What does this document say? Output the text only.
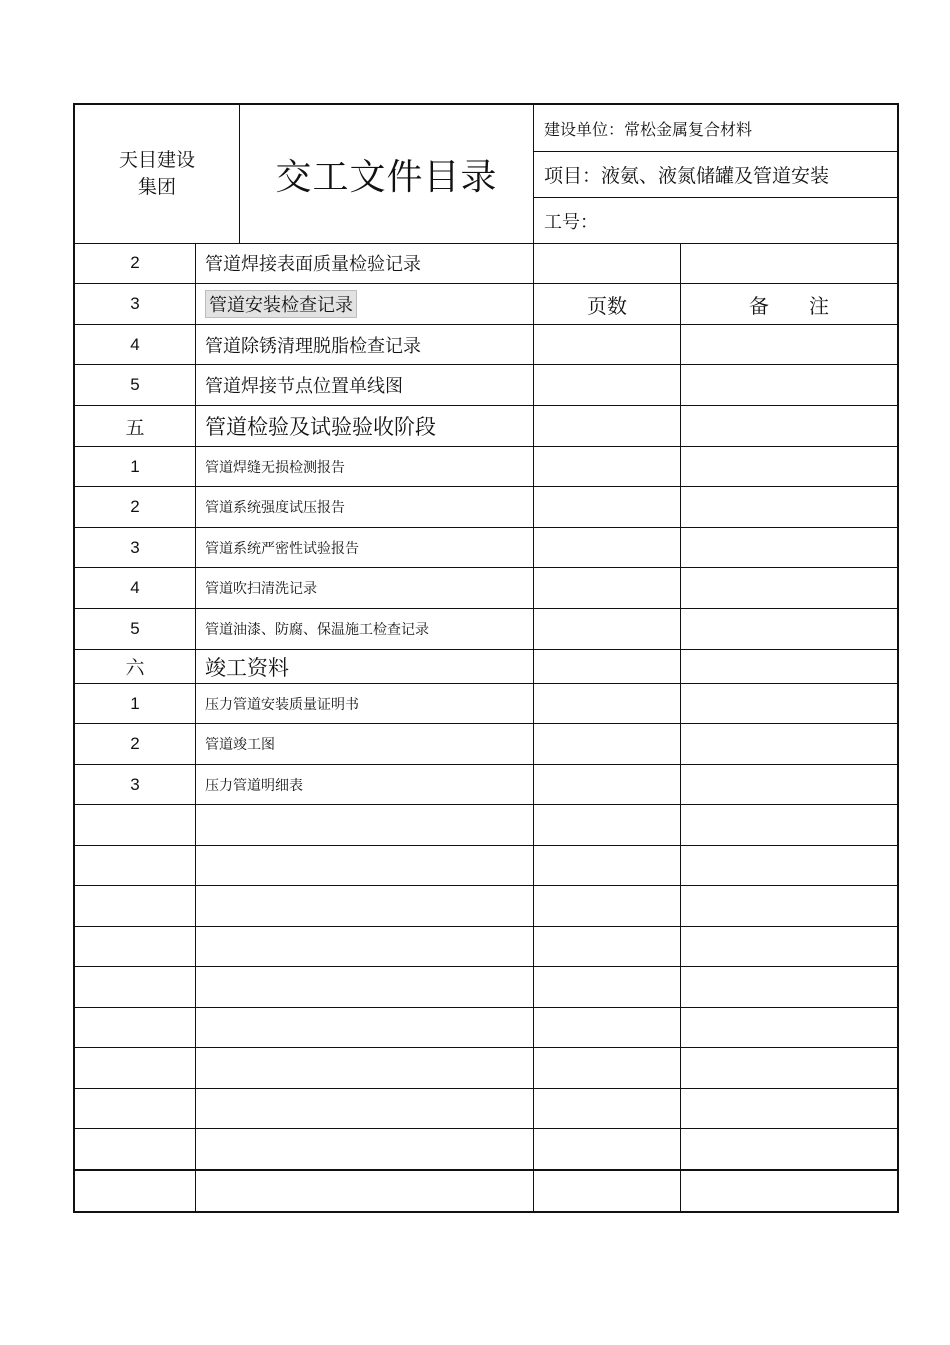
天目建设
集团	交工文件目录
建设单位：常松金属复合材料
项目：液氨、液氮储罐及管道安装
工号：
2	管道焊接表面质量检验记录
3	管道安装检查记录	页数	备　　注
4	管道除锈清理脱脂检查记录
5	管道焊接节点位置单线图
五	管道检验及试验验收阶段
1	管道焊缝无损检测报告
2	管道系统强度试压报告
3	管道系统严密性试验报告
4	管道吹扫清洗记录
5	管道油漆、防腐、保温施工检查记录
六	竣工资料
1	压力管道安装质量证明书
2	管道竣工图
3	压力管道明细表
